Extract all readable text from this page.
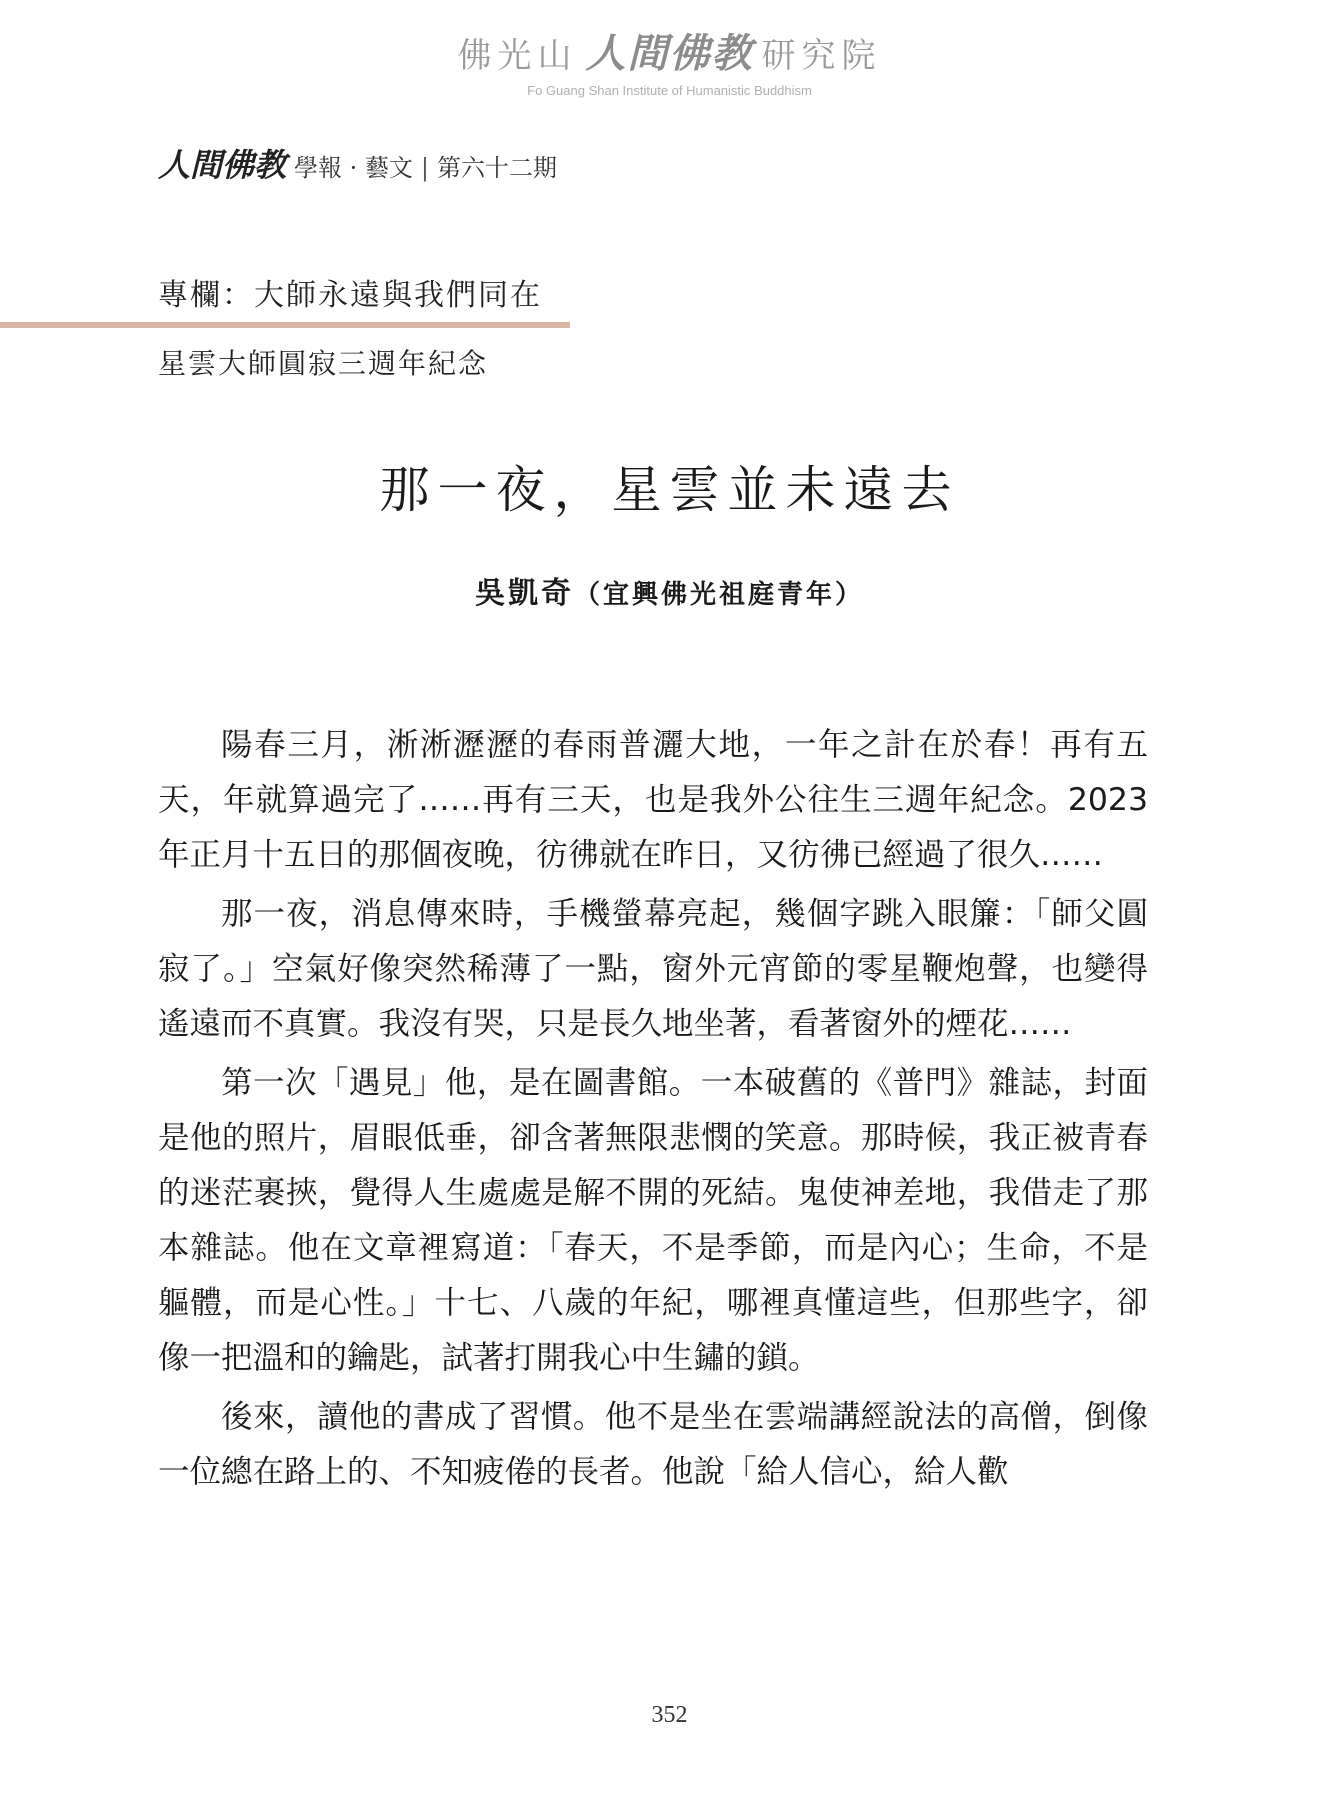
佛光山 人間佛教 研究院
Fo Guang Shan Institute of Humanistic Buddhism
人間佛教 學報 · 藝文 | 第六十二期
專欄：大師永遠與我們同在
星雲大師圓寂三週年紀念
那一夜，星雲並未遠去
吳凱奇（宜興佛光祖庭青年）

陽春三月，淅淅瀝瀝的春雨普灑大地，一年之計在於春！再有五天，年就算過完了……再有三天，也是我外公往生三週年紀念。2023 年正月十五日的那個夜晚，彷彿就在昨日，又彷彿已經過了很久……

那一夜，消息傳來時，手機螢幕亮起，幾個字跳入眼簾：「師父圓寂了。」空氣好像突然稀薄了一點，窗外元宵節的零星鞭炮聲，也變得遙遠而不真實。我沒有哭，只是長久地坐著，看著窗外的煙花……

第一次「遇見」他，是在圖書館。一本破舊的《普門》雜誌，封面是他的照片，眉眼低垂，卻含著無限悲憫的笑意。那時候，我正被青春的迷茫裹挾，覺得人生處處是解不開的死結。鬼使神差地，我借走了那本雜誌。他在文章裡寫道：「春天，不是季節，而是內心；生命，不是軀體，而是心性。」十七、八歲的年紀，哪裡真懂這些，但那些字，卻像一把溫和的鑰匙，試著打開我心中生鏽的鎖。

後來，讀他的書成了習慣。他不是坐在雲端講經說法的高僧，倒像一位總在路上的、不知疲倦的長者。他說「給人信心，給人歡

352
